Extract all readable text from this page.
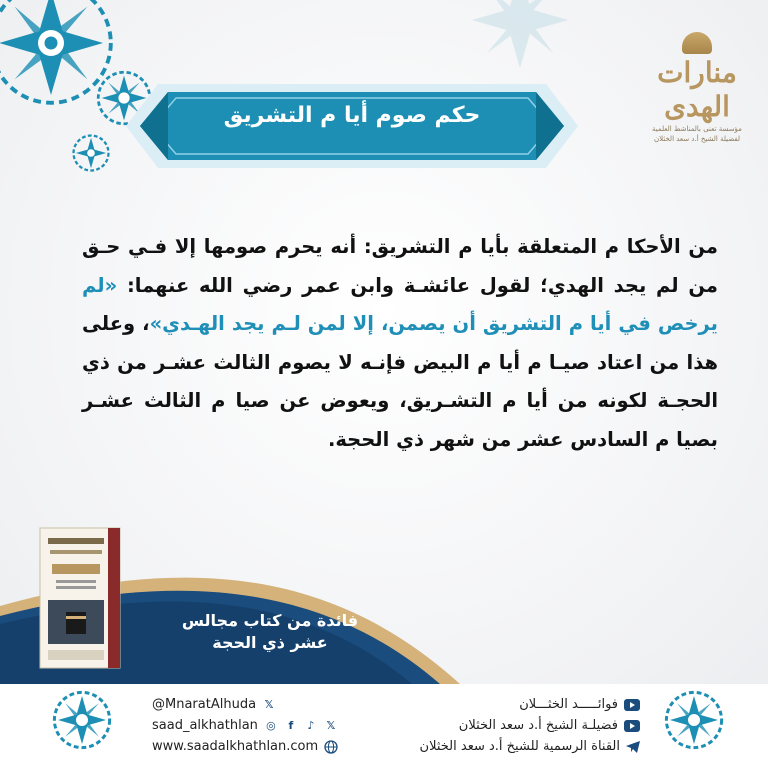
منارات الهدى
مؤسسة تعنى بالمناشط العلمية
لفضيلة الشيخ أ.د سعد الخثلان
حكم صوم أيا م التشريق
من الأحكا م المتعلقة بأيا م التشريق: أنه يحرم صومها إلا فـي حـق من لم يجد الهدي؛ لقول عائشـة وابن عمر رضي الله عنهما: «لم يرخص في أيا م التشريق أن يصمن، إلا لمن لـم يجد الهـدي»، وعلى هذا من اعتاد صيـا م أيا م البيض فإنـه لا يصوم الثالث عشـر من ذي الحجـة لكونه من أيا م التشـريق، ويعوض عن صيا م الثالث عشـر بصيا م السادس عشر من شهر ذي الحجة.
فائدة من كتاب مجالس
عشر ذي الحجة
فوائـــــد الخثـــلان
فضيلـة الشيخ أ.د سعد الخثلان
القناة الرسمية للشيخ أ.د سعد الخثلان
@MnaratAlhuda 𝕏
saad_alkhathlan ◎	f	♪	𝕏
www.saadalkhathlan.com
